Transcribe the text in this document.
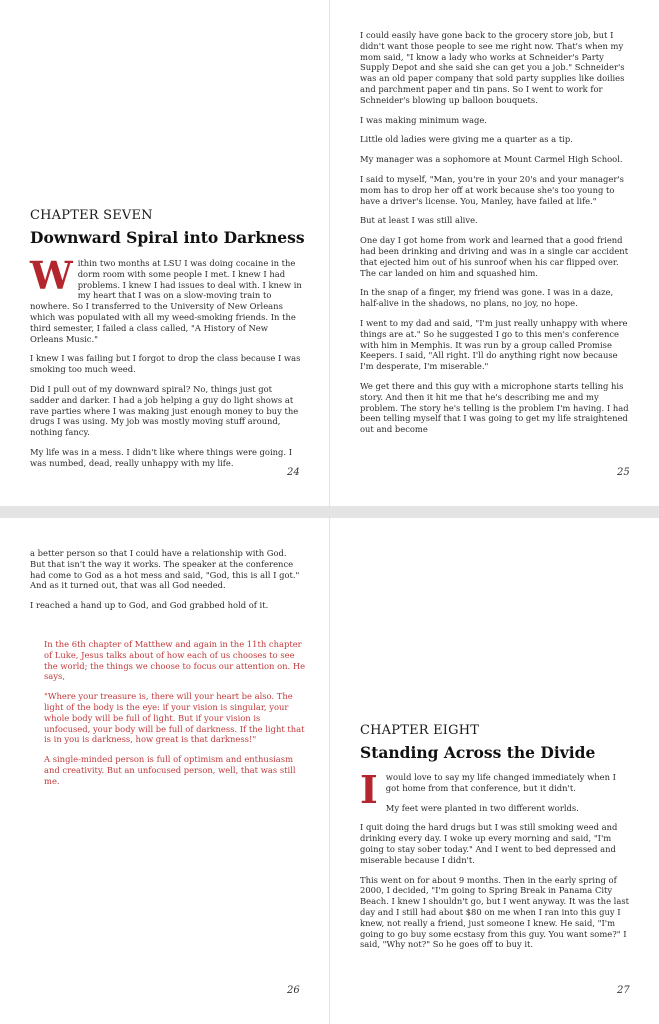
CHAPTER SEVEN
Downward Spiral into Darkness

Within two months at LSU I was doing cocaine in the dorm room with some people I met. I knew I had problems. I knew I had issues to deal with. I knew in my heart that I was on a slow-moving train to nowhere. So I transferred to the University of New Orleans which was populated with all my weed-smoking friends. In the third semester, I failed a class called, "A History of New Orleans Music."

I knew I was failing but I forgot to drop the class because I was smoking too much weed.

Did I pull out of my downward spiral? No, things just got sadder and darker. I had a job helping a guy do light shows at rave parties where I was making just enough money to buy the drugs I was using. My job was mostly moving stuff around, nothing fancy.

My life was in a mess. I didn't like where things were going. I was numbed, dead, really unhappy with my life.

24

I could easily have gone back to the grocery store job, but I didn't want those people to see me right now. That's when my mom said, "I know a lady who works at Schneider's Party Supply Depot and she said she can get you a job." Schneider's was an old paper company that sold party supplies like doilies and parchment paper and tin pans. So I went to work for Schneider's blowing up balloon bouquets.

I was making minimum wage.

Little old ladies were giving me a quarter as a tip.

My manager was a sophomore at Mount Carmel High School.

I said to myself, "Man, you're in your 20's and your manager's mom has to drop her off at work because she's too young to have a driver's license. You, Manley, have failed at life."

But at least I was still alive.

One day I got home from work and learned that a good friend had been drinking and driving and was in a single car accident that ejected him out of his sunroof when his car flipped over. The car landed on him and squashed him.

In the snap of a finger, my friend was gone. I was in a daze, half-alive in the shadows, no plans, no joy, no hope.

I went to my dad and said, "I'm just really unhappy with where things are at." So he suggested I go to this men's conference with him in Memphis. It was run by a group called Promise Keepers. I said, "All right. I'll do anything right now because I'm desperate, I'm miserable."

We get there and this guy with a microphone starts telling his story. And then it hit me that he's describing me and my problem. The story he's telling is the problem I'm having. I had been telling myself that I was going to get my life straightened out and become

25

a better person so that I could have a relationship with God. But that isn't the way it works. The speaker at the conference had come to God as a hot mess and said, "God, this is all I got." And as it turned out, that was all God needed.

I reached a hand up to God, and God grabbed hold of it.

In the 6th chapter of Matthew and again in the 11th chapter of Luke, Jesus talks about of how each of us chooses to see the world; the things we choose to focus our attention on. He says,

"Where your treasure is, there will your heart be also. The light of the body is the eye: if your vision is singular, your whole body will be full of light. But if your vision is unfocused, your body will be full of darkness. If the light that is in you is darkness, how great is that darkness!"

A single-minded person is full of optimism and enthusiasm and creativity. But an unfocused person, well, that was still me.

26
CHAPTER EIGHT
Standing Across the Divide

Iwould love to say my life changed immediately when I got home from that conference, but it didn't.

My feet were planted in two different worlds.

I quit doing the hard drugs but I was still smoking weed and drinking every day. I woke up every morning and said, "I'm going to stay sober today." And I went to bed depressed and miserable because I didn't.

This went on for about 9 months. Then in the early spring of 2000, I decided, "I'm going to Spring Break in Panama City Beach. I knew I shouldn't go, but I went anyway. It was the last day and I still had about $80 on me when I ran into this guy I knew, not really a friend, just someone I knew. He said, "I'm going to go buy some ecstasy from this guy. You want some?" I said, "Why not?" So he goes off to buy it.

27
